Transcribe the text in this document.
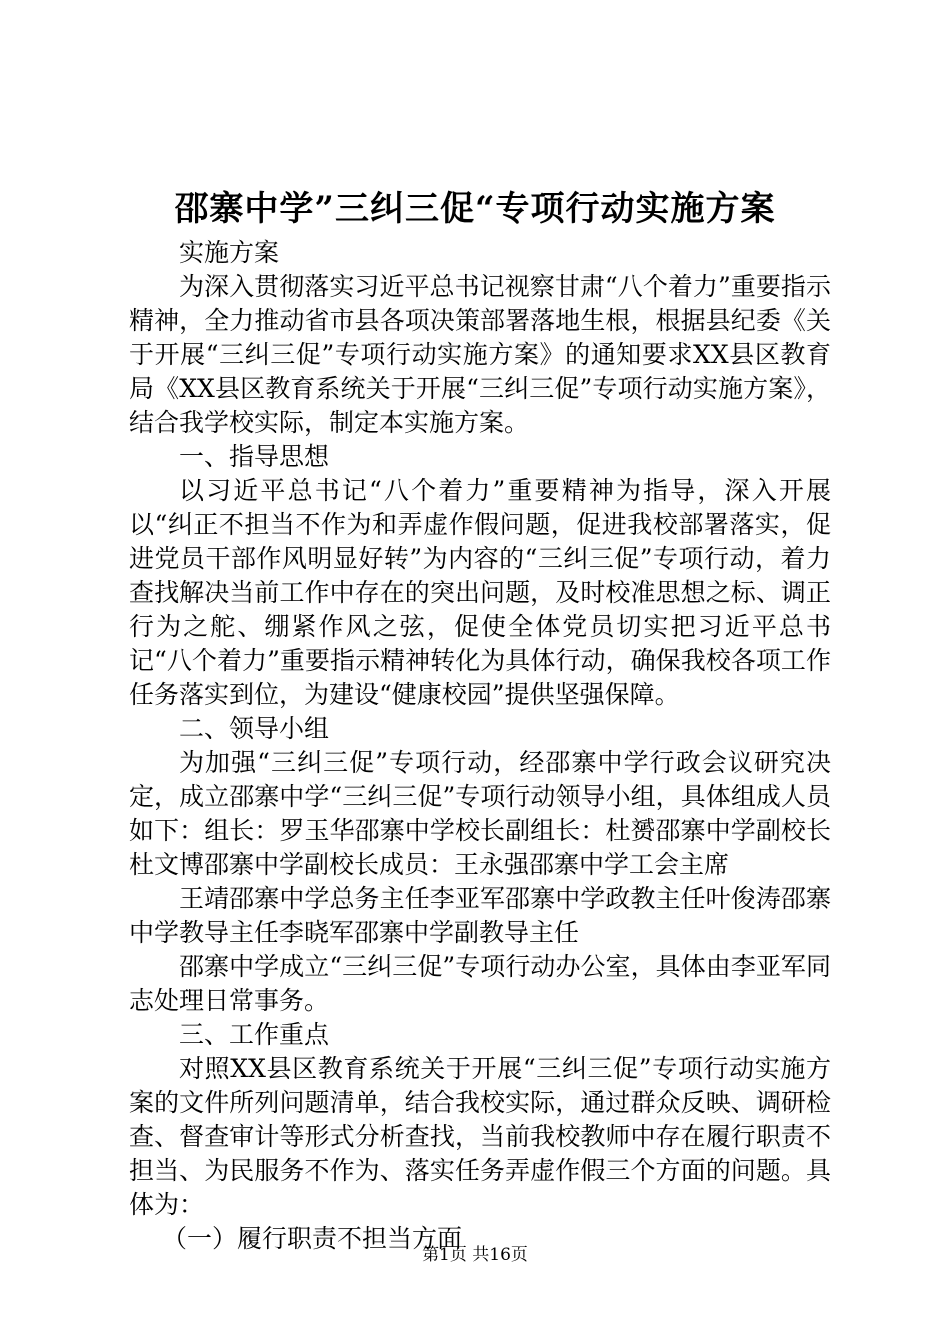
邵寨中学”三纠三促“专项行动实施方案

实施方案

为深入贯彻落实习近平总书记视察甘肃“八个着力”重要指示精神，全力推动省市县各项决策部署落地生根，根据县纪委《关于开展“三纠三促”专项行动实施方案》的通知要求XX县区教育局《XX县区教育系统关于开展“三纠三促”专项行动实施方案》，结合我学校实际，制定本实施方案。

一、指导思想

以习近平总书记“八个着力”重要精神为指导，深入开展以“纠正不担当不作为和弄虚作假问题，促进我校部署落实，促进党员干部作风明显好转”为内容的“三纠三促”专项行动，着力查找解决当前工作中存在的突出问题，及时校准思想之标、调正行为之舵、绷紧作风之弦，促使全体党员切实把习近平总书记“八个着力”重要指示精神转化为具体行动，确保我校各项工作任务落实到位，为建设“健康校园”提供坚强保障。

二、领导小组

为加强“三纠三促”专项行动，经邵寨中学行政会议研究决定，成立邵寨中学“三纠三促”专项行动领导小组，具体组成人员如下：组长：罗玉华邵寨中学校长副组长：杜赟邵寨中学副校长杜文博邵寨中学副校长成员：王永强邵寨中学工会主席

王靖邵寨中学总务主任李亚军邵寨中学政教主任叶俊涛邵寨中学教导主任李晓军邵寨中学副教导主任

邵寨中学成立“三纠三促”专项行动办公室，具体由李亚军同志处理日常事务。

三、工作重点

对照XX县区教育系统关于开展“三纠三促”专项行动实施方案的文件所列问题清单，结合我校实际，通过群众反映、调研检查、督查审计等形式分析查找，当前我校教师中存在履行职责不担当、为民服务不作为、落实任务弄虚作假三个方面的问题。具体为：

（一）履行职责不担当方面

第1页 共16页
